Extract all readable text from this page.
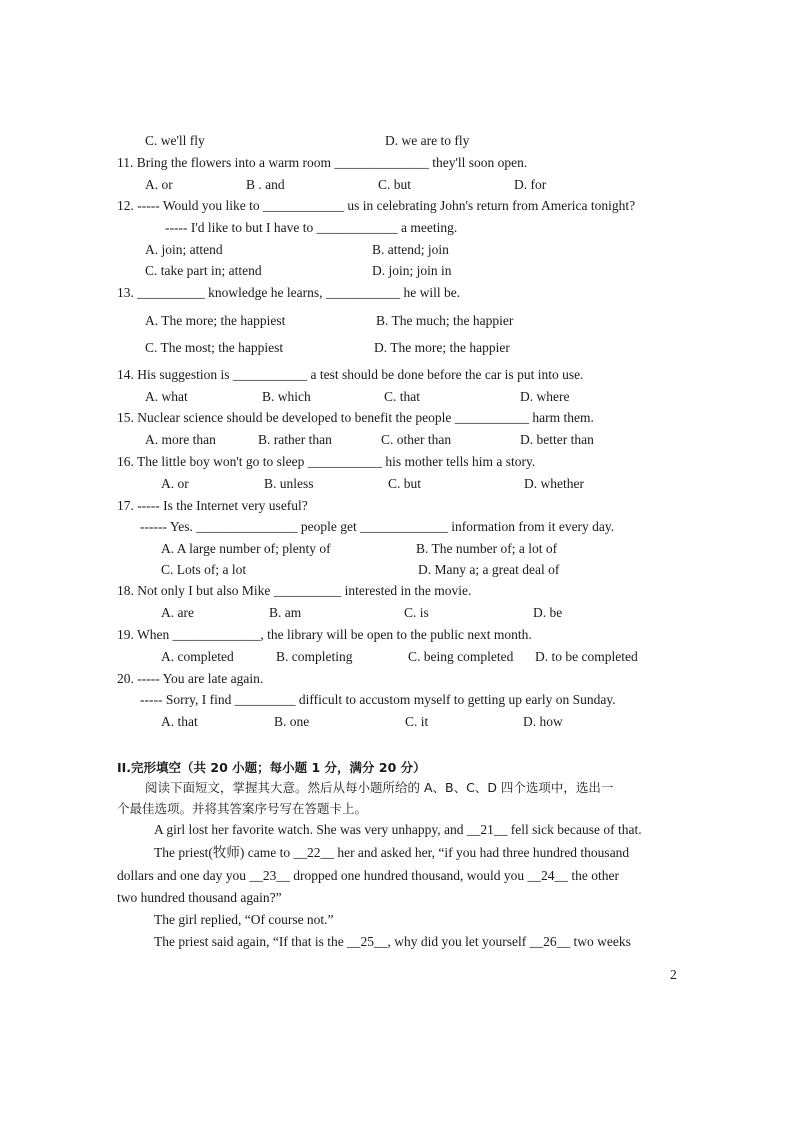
C. we'll fly	D. we are to fly
11. Bring the flowers into a warm room ______________ they'll soon open.
A. or	B . and	C. but	D. for
12. ----- Would you like to ____________ us in celebrating John's return from America tonight?
----- I'd like to but I have to ____________ a meeting.
A. join; attend	B. attend; join
C. take part in; attend	D. join; join in
13. __________ knowledge he learns, ___________ he will be.
A. The more; the happiest	B. The much; the happier
C. The most; the happiest	D. The more; the happier
14. His suggestion is ___________ a test should be done before the car is put into use.
A. what	B. which	C. that	D. where
15. Nuclear science should be developed to benefit the people ___________ harm them.
A. more than	B. rather than	C. other than	D. better than
16. The little boy won't go to sleep ___________ his mother tells him a story.
A. or	B. unless	C. but	D. whether
17. ----- Is the Internet very useful?
------ Yes. _______________ people get _____________ information from it every day.
A. A large number of; plenty of	B. The number of; a lot of
C. Lots of; a lot	D. Many a; a great deal of
18. Not only I but also Mike __________ interested in the movie.
A. are	B. am	C. is	D. be
19. When _____________, the library will be open to the public next month.
A. completed	B. completing	C. being completed D. to be completed
20. ----- You are late again.
----- Sorry, I find _________ difficult to accustom myself to getting up early on Sunday.
A. that	B. one	C. it	D. how
A girl lost her favorite watch. She was very unhappy, and __21__ fell sick because of that.
The priest(牧师) came to __22__ her and asked her, “if you had three hundred thousand
dollars and one day you __23__ dropped one hundred thousand, would you __24__ the other
two hundred thousand again?”
The girl replied, “Of course not.”
The priest said again, “If that is the __25__, why did you let yourself __26__ two weeks
II.完形填空（共 20 小题；每小题 1 分，满分 20 分）
阅读下面短文，掌握其大意。然后从每小题所给的 A、B、C、D 四个选项中，选出一
个最佳选项。并将其答案序号写在答题卡上。
2
